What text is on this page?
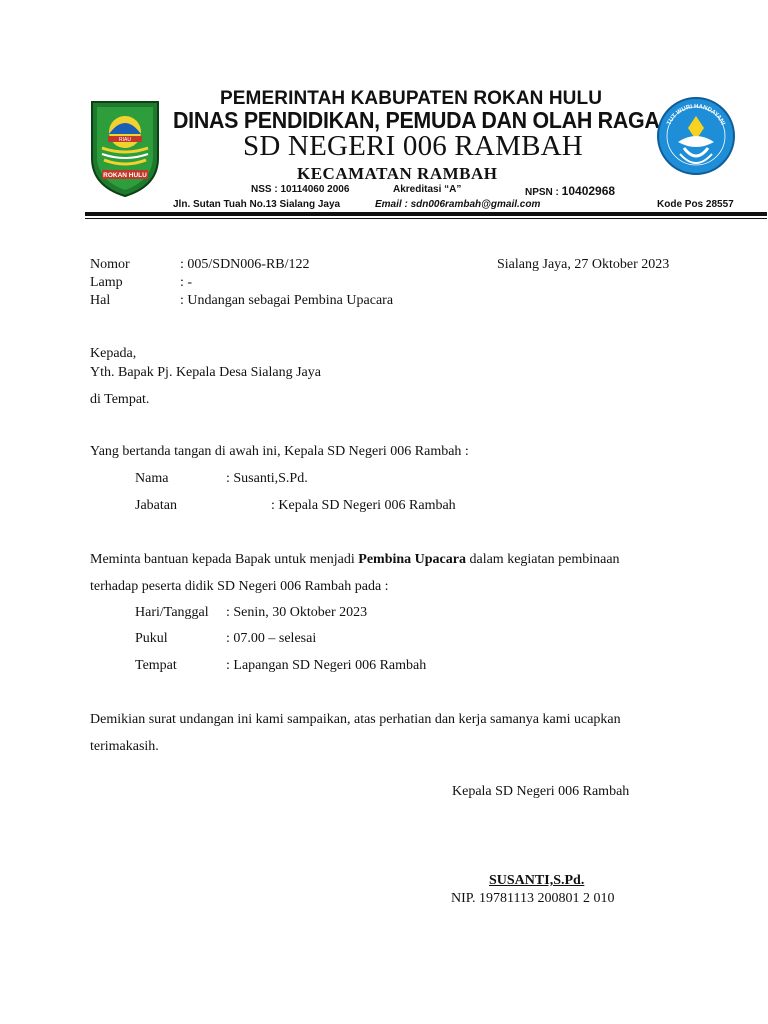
RIAU
ROKAN HULU
PEMERINTAH KABUPATEN ROKAN HULU
DINAS PENDIDIKAN, PEMUDA DAN OLAH RAGA
SD NEGERI 006 RAMBAH
KECAMATAN RAMBAH
NSS : 10114060 2006	Akreditasi “A”	NPSN : 10402968
Jln. Sutan Tuah No.13 Sialang Jaya	Email : sdn006rambah@gmail.com	Kode Pos 28557
TUT WURI HANDAYANI
Nomor	: 005/SDN006-RB/122	Sialang Jaya, 27 Oktober 2023
Lamp	: -
Hal	: Undangan sebagai Pembina Upacara
Kepada,
Yth. Bapak Pj. Kepala Desa Sialang Jaya
di Tempat.
Yang bertanda tangan di awah ini, Kepala SD Negeri 006 Rambah :
Nama	: Susanti,S.Pd.
Jabatan	: Kepala SD Negeri 006 Rambah
Meminta bantuan kepada Bapak untuk menjadi Pembina Upacara dalam kegiatan pembinaan
terhadap peserta didik SD Negeri 006 Rambah pada :
Hari/Tanggal : Senin, 30 Oktober 2023
Pukul	: 07.00 – selesai
Tempat	: Lapangan SD Negeri 006 Rambah
Demikian surat undangan ini kami sampaikan, atas perhatian dan kerja samanya kami ucapkan
terimakasih.
Kepala SD Negeri 006 Rambah
SUSANTI,S.Pd.
NIP. 19781113 200801 2 010
